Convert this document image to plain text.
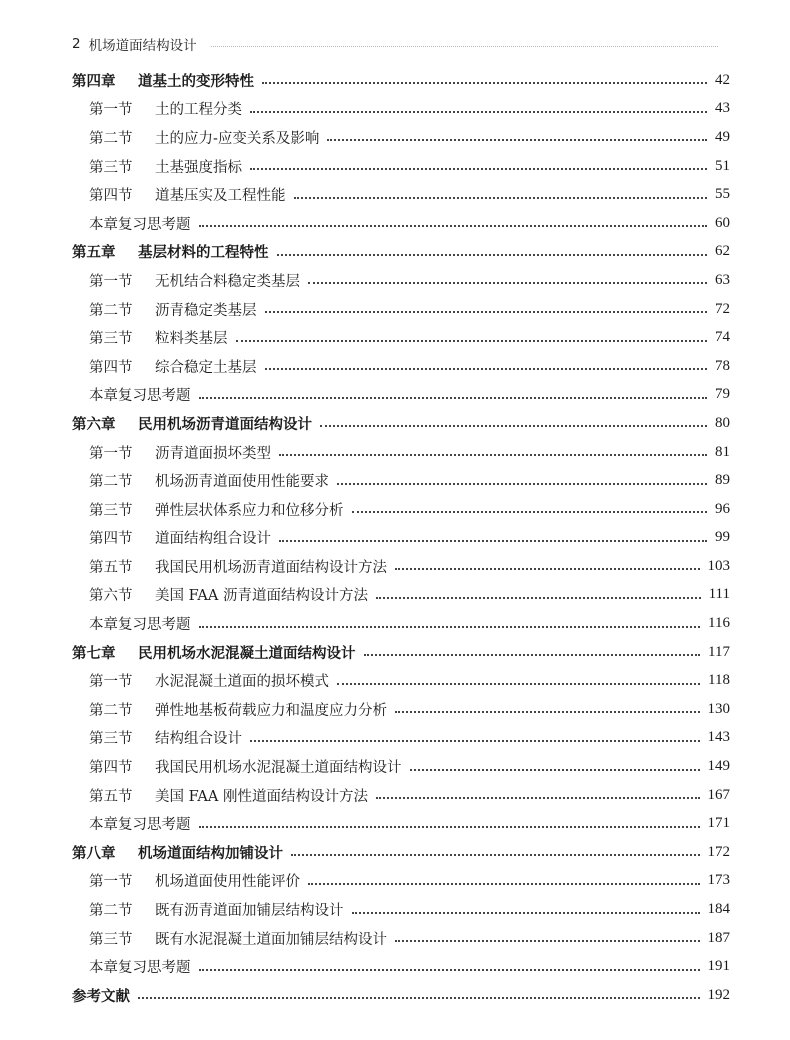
2 机场道面结构设计
第四章	道基土的变形特性	42
第一节	土的工程分类	43
第二节	土的应力-应变关系及影响	49
第三节	土基强度指标	51
第四节	道基压实及工程性能	55
本章复习思考题	60
第五章	基层材料的工程特性	62
第一节	无机结合料稳定类基层	63
第二节	沥青稳定类基层	72
第三节	粒料类基层	74
第四节	综合稳定土基层	78
本章复习思考题	79
第六章	民用机场沥青道面结构设计	80
第一节	沥青道面损坏类型	81
第二节	机场沥青道面使用性能要求	89
第三节	弹性层状体系应力和位移分析	96
第四节	道面结构组合设计	99
第五节	我国民用机场沥青道面结构设计方法	103
第六节	美国 FAA 沥青道面结构设计方法	111
本章复习思考题	116
第七章	民用机场水泥混凝土道面结构设计	117
第一节	水泥混凝土道面的损坏模式	118
第二节	弹性地基板荷载应力和温度应力分析	130
第三节	结构组合设计	143
第四节	我国民用机场水泥混凝土道面结构设计	149
第五节	美国 FAA 刚性道面结构设计方法	167
本章复习思考题	171
第八章	机场道面结构加铺设计	172
第一节	机场道面使用性能评价	173
第二节	既有沥青道面加铺层结构设计	184
第三节	既有水泥混凝土道面加铺层结构设计	187
本章复习思考题	191
参考文献	192
